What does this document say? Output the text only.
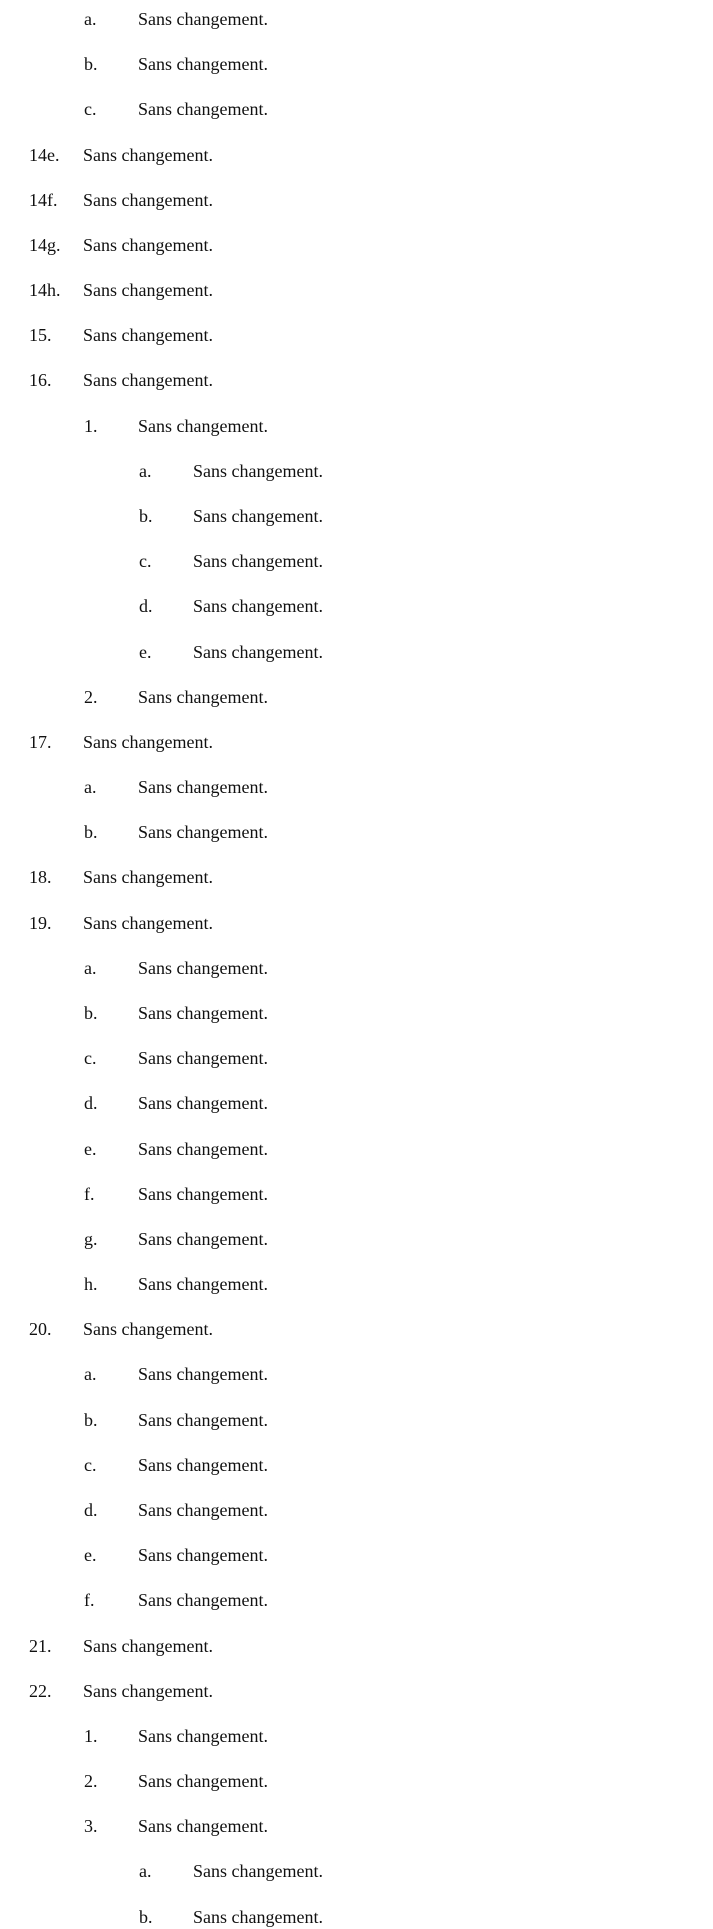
a. Sans changement.
b. Sans changement.
c. Sans changement.
14e. Sans changement.
14f. Sans changement.
14g. Sans changement.
14h. Sans changement.
15. Sans changement.
16. Sans changement.
1. Sans changement.
a. Sans changement.
b. Sans changement.
c. Sans changement.
d. Sans changement.
e. Sans changement.
2. Sans changement.
17. Sans changement.
a. Sans changement.
b. Sans changement.
18. Sans changement.
19. Sans changement.
a. Sans changement.
b. Sans changement.
c. Sans changement.
d. Sans changement.
e. Sans changement.
f. Sans changement.
g. Sans changement.
h. Sans changement.
20. Sans changement.
a. Sans changement.
b. Sans changement.
c. Sans changement.
d. Sans changement.
e. Sans changement.
f. Sans changement.
21. Sans changement.
22. Sans changement.
1. Sans changement.
2. Sans changement.
3. Sans changement.
a. Sans changement.
b. Sans changement.
